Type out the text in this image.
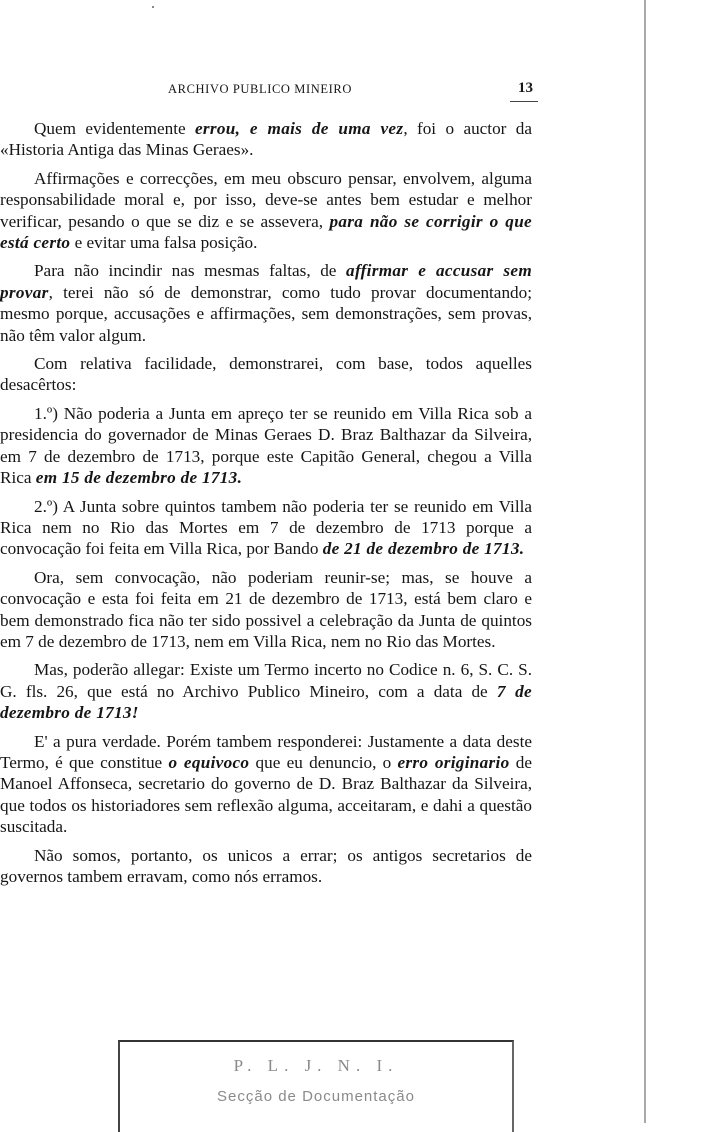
ARCHIVO PUBLICO MINEIRO	13

Quem evidentemente errou, e mais de uma vez, foi o auctor da «Historia Antiga das Minas Geraes».

Affirmações e correcções, em meu obscuro pensar, envolvem, alguma responsabilidade moral e, por isso, deve-se antes bem estudar e melhor verificar, pesando o que se diz e se assevera, para não se corrigir o que está certo e evitar uma falsa posição.

Para não incindir nas mesmas faltas, de affirmar e accusar sem provar, terei não só de demonstrar, como tudo provar documentando; mesmo porque, accusações e affirmações, sem demonstrações, sem provas, não têm valor algum.

Com relativa facilidade, demonstrarei, com base, todos aquelles desacêrtos:

1.º) Não poderia a Junta em apreço ter se reunido em Villa Rica sob a presidencia do governador de Minas Geraes D. Braz Balthazar da Silveira, em 7 de dezembro de 1713, porque este Capitão General, chegou a Villa Rica em 15 de dezembro de 1713.

2.º) A Junta sobre quintos tambem não poderia ter se reunido em Villa Rica nem no Rio das Mortes em 7 de dezembro de 1713 porque a convocação foi feita em Villa Rica, por Bando de 21 de dezembro de 1713.

Ora, sem convocação, não poderiam reunir-se; mas, se houve a convocação e esta foi feita em 21 de dezembro de 1713, está bem claro e bem demonstrado fica não ter sido possivel a celebração da Junta de quintos em 7 de dezembro de 1713, nem em Villa Rica, nem no Rio das Mortes.

Mas, poderão allegar: Existe um Termo incerto no Codice n. 6, S. C. S. G. fls. 26, que está no Archivo Publico Mineiro, com a data de 7 de dezembro de 1713!

E' a pura verdade. Porém tambem responderei: Justamente a data deste Termo, é que constitue o equivoco que eu denuncio, o erro originario de Manoel Affonseca, secretario do governo de D. Braz Balthazar da Silveira, que todos os historiadores sem reflexão alguma, acceitaram, e dahi a questão suscitada.

Não somos, portanto, os unicos a errar; os antigos secretarios de governos tambem erravam, como nós erramos.

P. L. J. N. I.
Secção de Documentação
